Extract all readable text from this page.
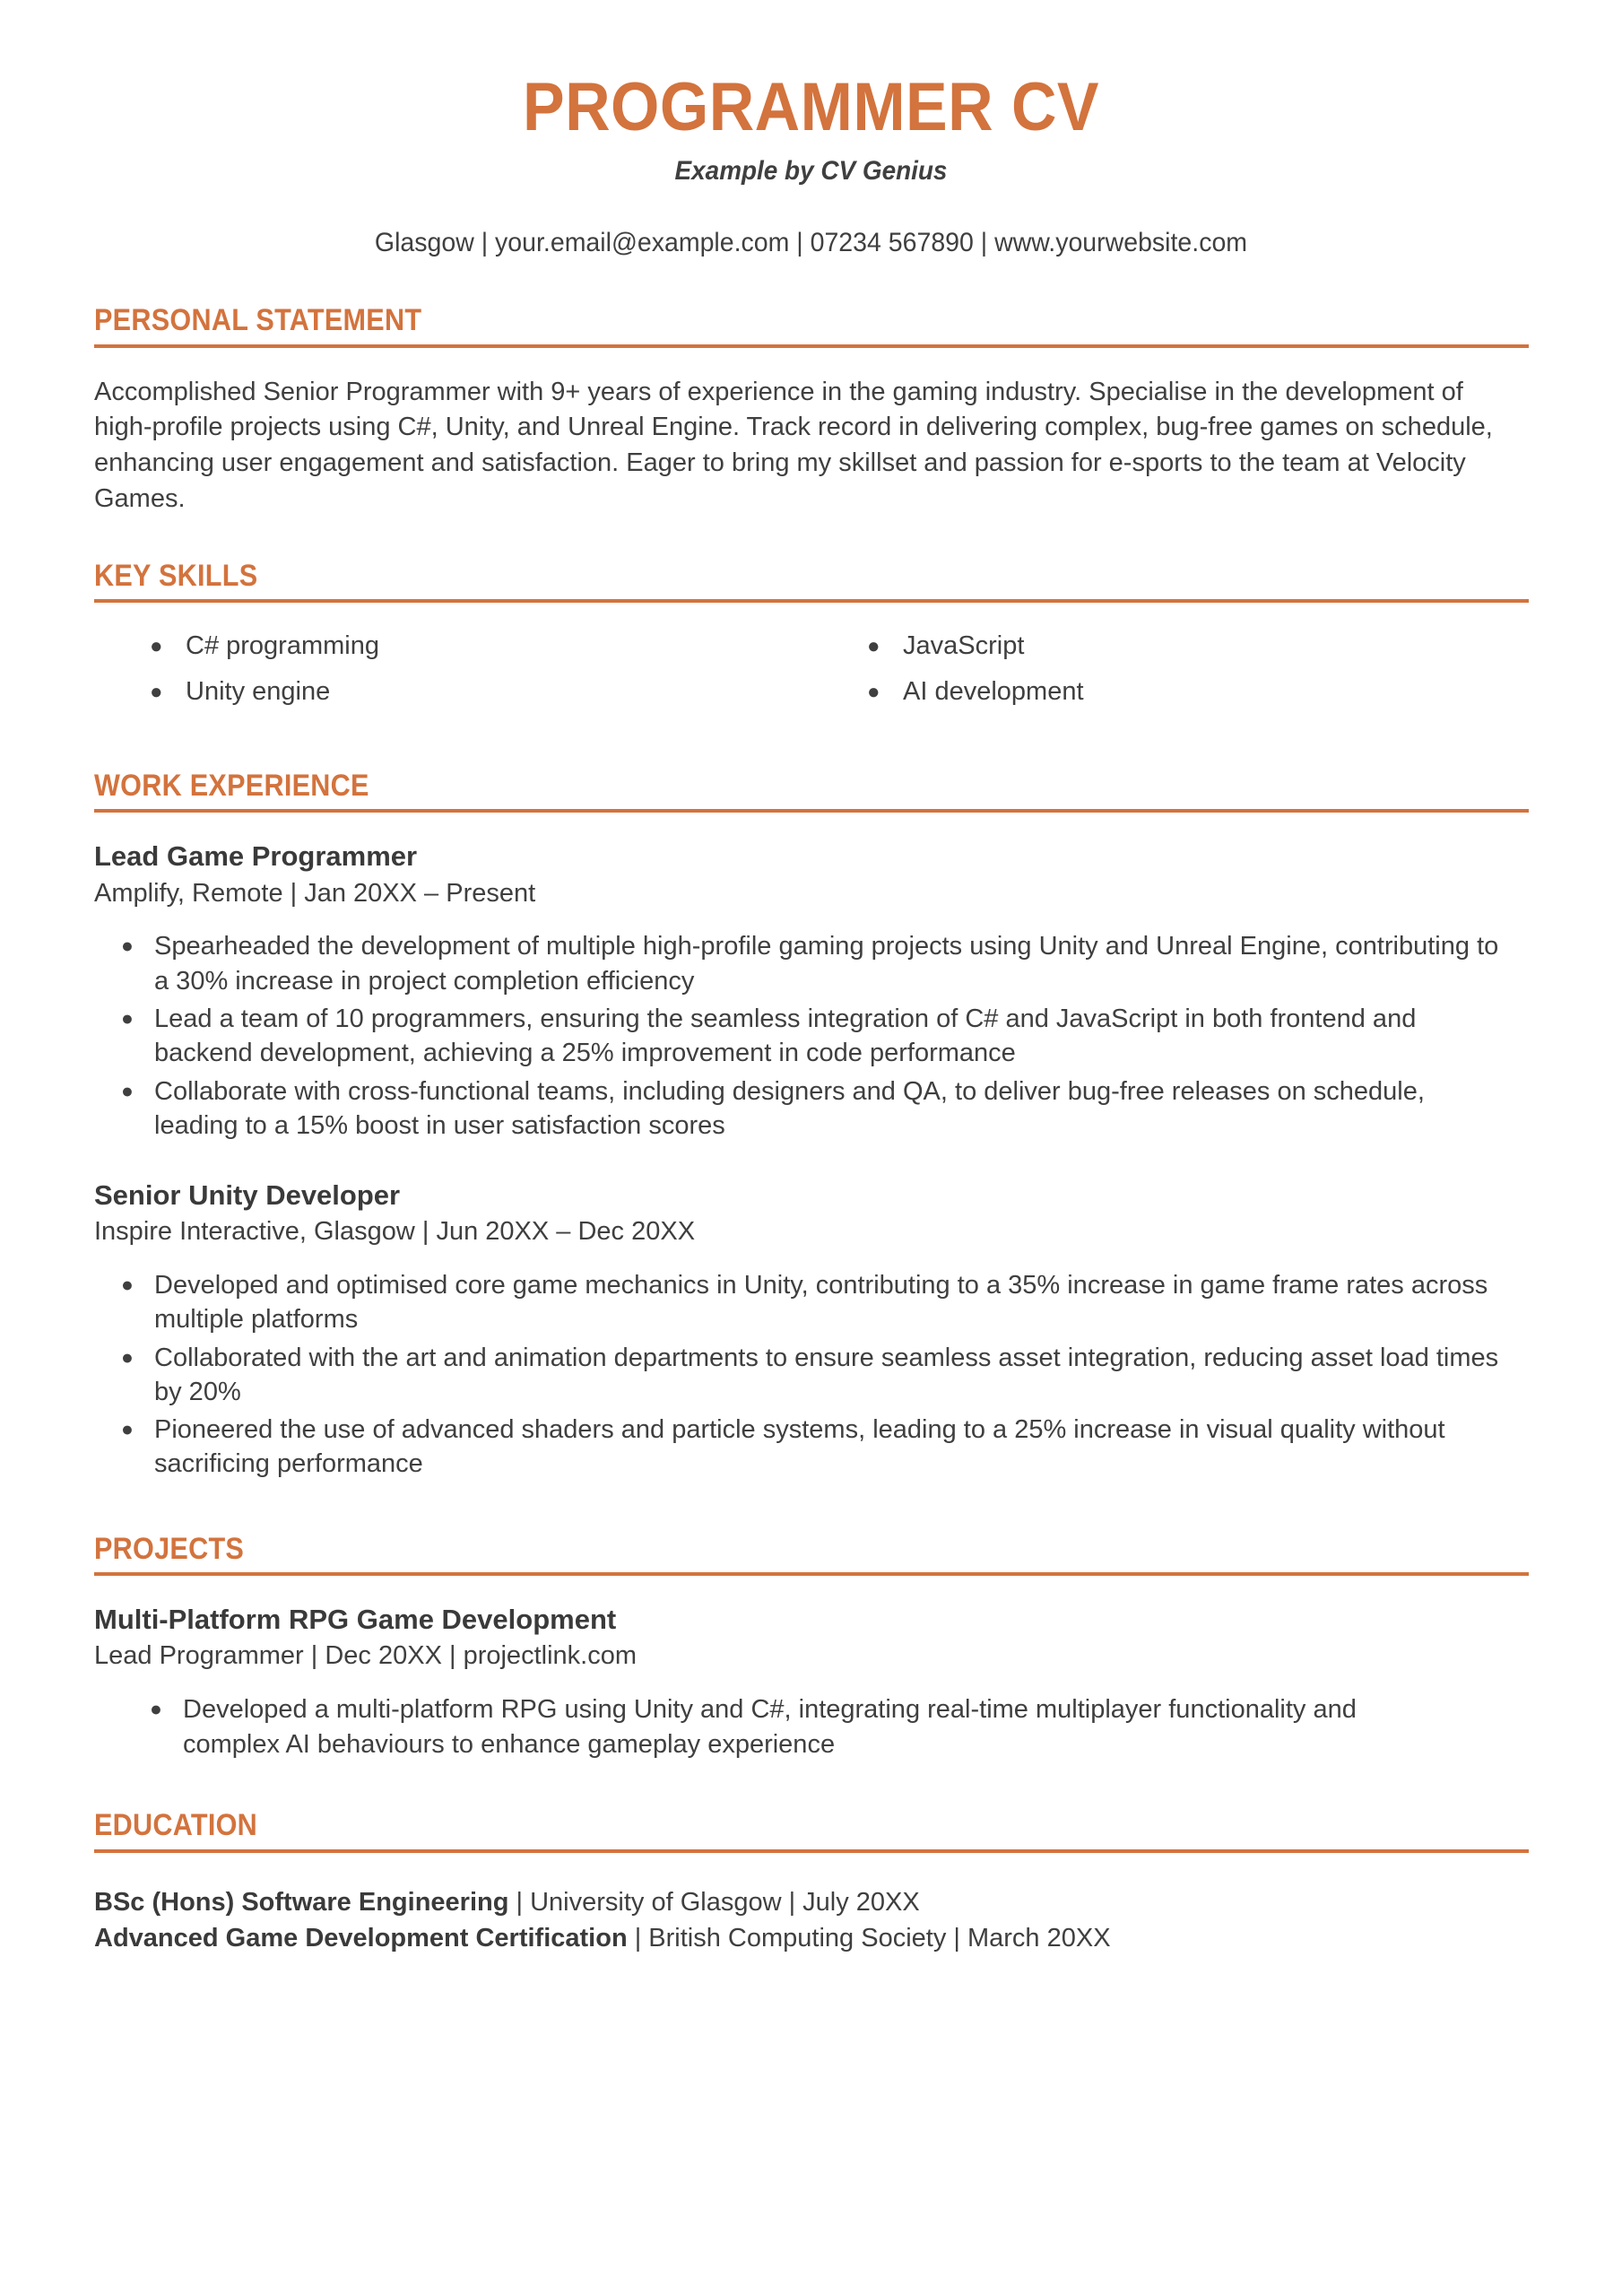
PROGRAMMER CV
Example by CV Genius
Glasgow | your.email@example.com | 07234 567890 | www.yourwebsite.com
PERSONAL STATEMENT
Accomplished Senior Programmer with 9+ years of experience in the gaming industry. Specialise in the development of high-profile projects using C#, Unity, and Unreal Engine. Track record in delivering complex, bug-free games on schedule, enhancing user engagement and satisfaction. Eager to bring my skillset and passion for e-sports to the team at Velocity Games.
KEY SKILLS
● C# programming
● Unity engine
● JavaScript
● AI development
WORK EXPERIENCE
Lead Game Programmer
Amplify, Remote | Jan 20XX – Present
● Spearheaded the development of multiple high-profile gaming projects using Unity and Unreal Engine, contributing to a 30% increase in project completion efficiency
● Lead a team of 10 programmers, ensuring the seamless integration of C# and JavaScript in both frontend and backend development, achieving a 25% improvement in code performance
● Collaborate with cross-functional teams, including designers and QA, to deliver bug-free releases on schedule, leading to a 15% boost in user satisfaction scores
Senior Unity Developer
Inspire Interactive, Glasgow | Jun 20XX – Dec 20XX
● Developed and optimised core game mechanics in Unity, contributing to a 35% increase in game frame rates across multiple platforms
● Collaborated with the art and animation departments to ensure seamless asset integration, reducing asset load times by 20%
● Pioneered the use of advanced shaders and particle systems, leading to a 25% increase in visual quality without sacrificing performance
PROJECTS
Multi-Platform RPG Game Development
Lead Programmer | Dec 20XX | projectlink.com
● Developed a multi-platform RPG using Unity and C#, integrating real-time multiplayer functionality and complex AI behaviours to enhance gameplay experience
EDUCATION
BSc (Hons) Software Engineering | University of Glasgow | July 20XX
Advanced Game Development Certification | British Computing Society | March 20XX
